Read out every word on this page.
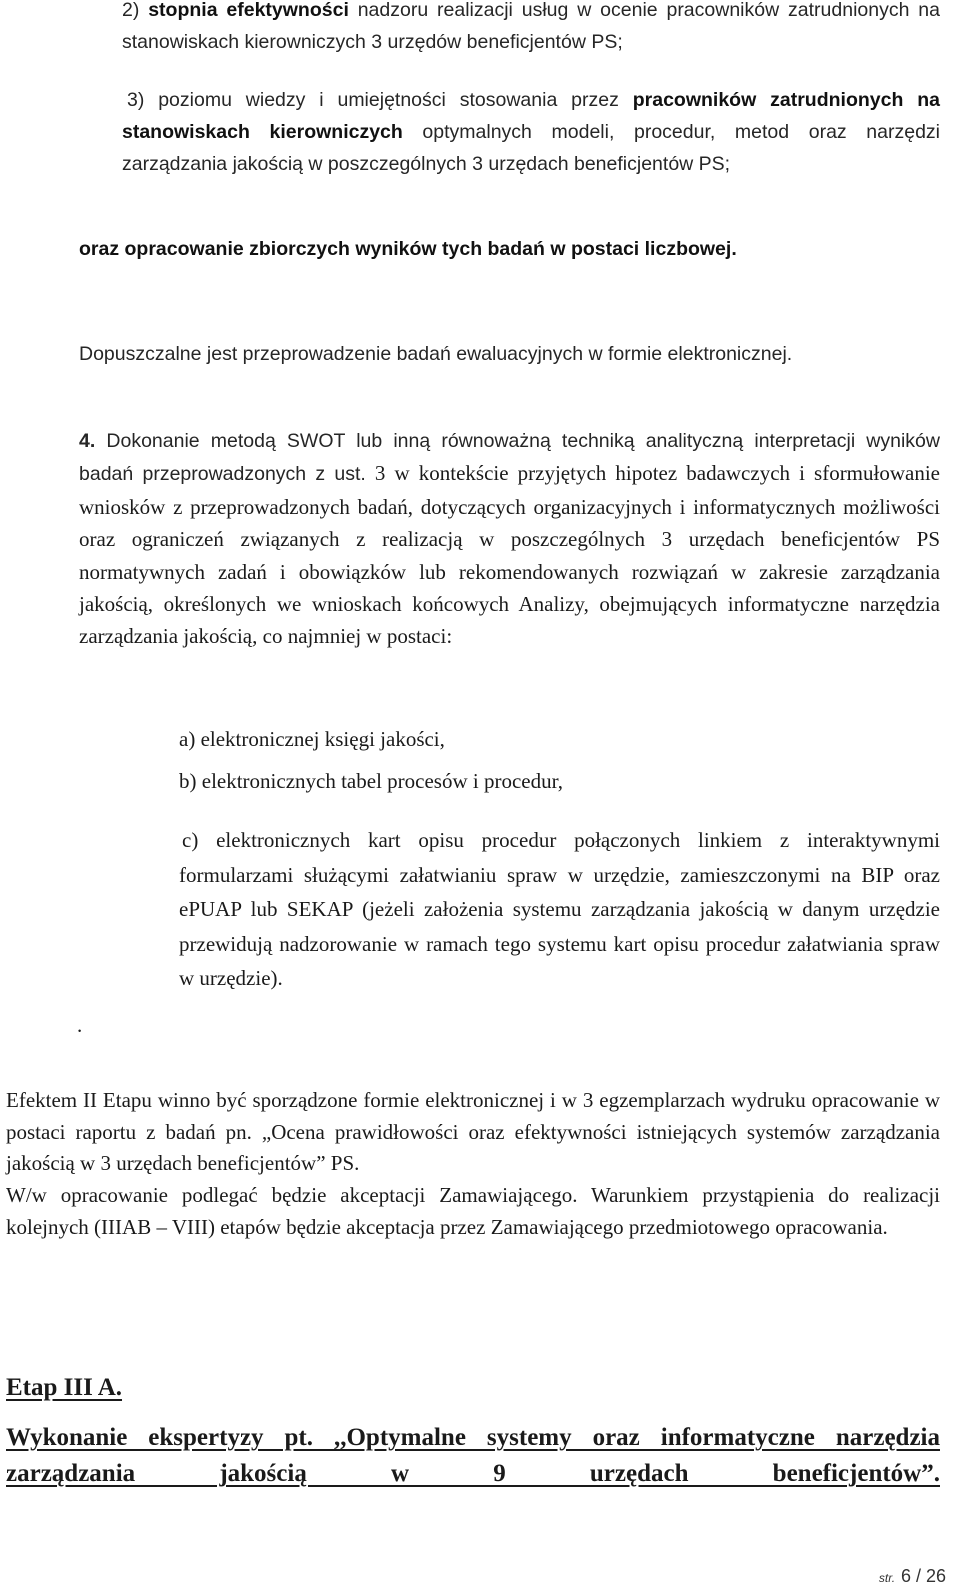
2) stopnia efektywności nadzoru realizacji usług w ocenie pracowników zatrudnionych na stanowiskach kierowniczych 3 urzędów beneficjentów PS;

3) poziomu wiedzy i umiejętności stosowania przez pracowników zatrudnionych na stanowiskach kierowniczych optymalnych modeli, procedur, metod oraz narzędzi zarządzania jakością w poszczególnych 3 urzędach beneficjentów PS;

oraz opracowanie zbiorczych wyników tych badań w postaci liczbowej.

Dopuszczalne jest przeprowadzenie badań ewaluacyjnych w formie elektronicznej.

4. Dokonanie metodą SWOT lub inną równoważną techniką analityczną interpretacji wyników badań przeprowadzonych z ust. 3 w kontekście przyjętych hipotez badawczych i sformułowanie wniosków z przeprowadzonych badań, dotyczących organizacyjnych i informatycznych możliwości oraz ograniczeń związanych z realizacją w poszczególnych 3 urzędach beneficjentów PS normatywnych zadań i obowiązków lub rekomendowanych rozwiązań w zakresie zarządzania jakością, określonych we wnioskach końcowych Analizy, obejmujących informatyczne narzędzia zarządzania jakością, co najmniej w postaci:

a) elektronicznej księgi jakości,

b) elektronicznych tabel procesów i procedur,

c) elektronicznych kart opisu procedur połączonych linkiem z interaktywnymi formularzami służącymi załatwianiu spraw w urzędzie, zamieszczonymi na BIP oraz ePUAP lub SEKAP (jeżeli założenia systemu zarządzania jakością w danym urzędzie przewidują nadzorowanie w ramach tego systemu kart opisu procedur załatwiania spraw w urzędzie).

.

Efektem II Etapu winno być sporządzone formie elektronicznej i w 3 egzemplarzach wydruku opracowanie w postaci raportu z badań pn. „Ocena prawidłowości oraz efektywności istniejących systemów zarządzania jakością w 3 urzędach beneficjentów” PS.

W/w opracowanie podlegać będzie akceptacji Zamawiającego. Warunkiem przystąpienia do realizacji kolejnych (IIIAB – VIII) etapów będzie akceptacja przez Zamawiającego przedmiotowego opracowania.

Etap III A.

Wykonanie ekspertyzy pt. ,,Optymalne systemy oraz informatyczne narzędzia zarządzania jakością w 9 urzędach beneficjentów”.

str. 6 / 26
